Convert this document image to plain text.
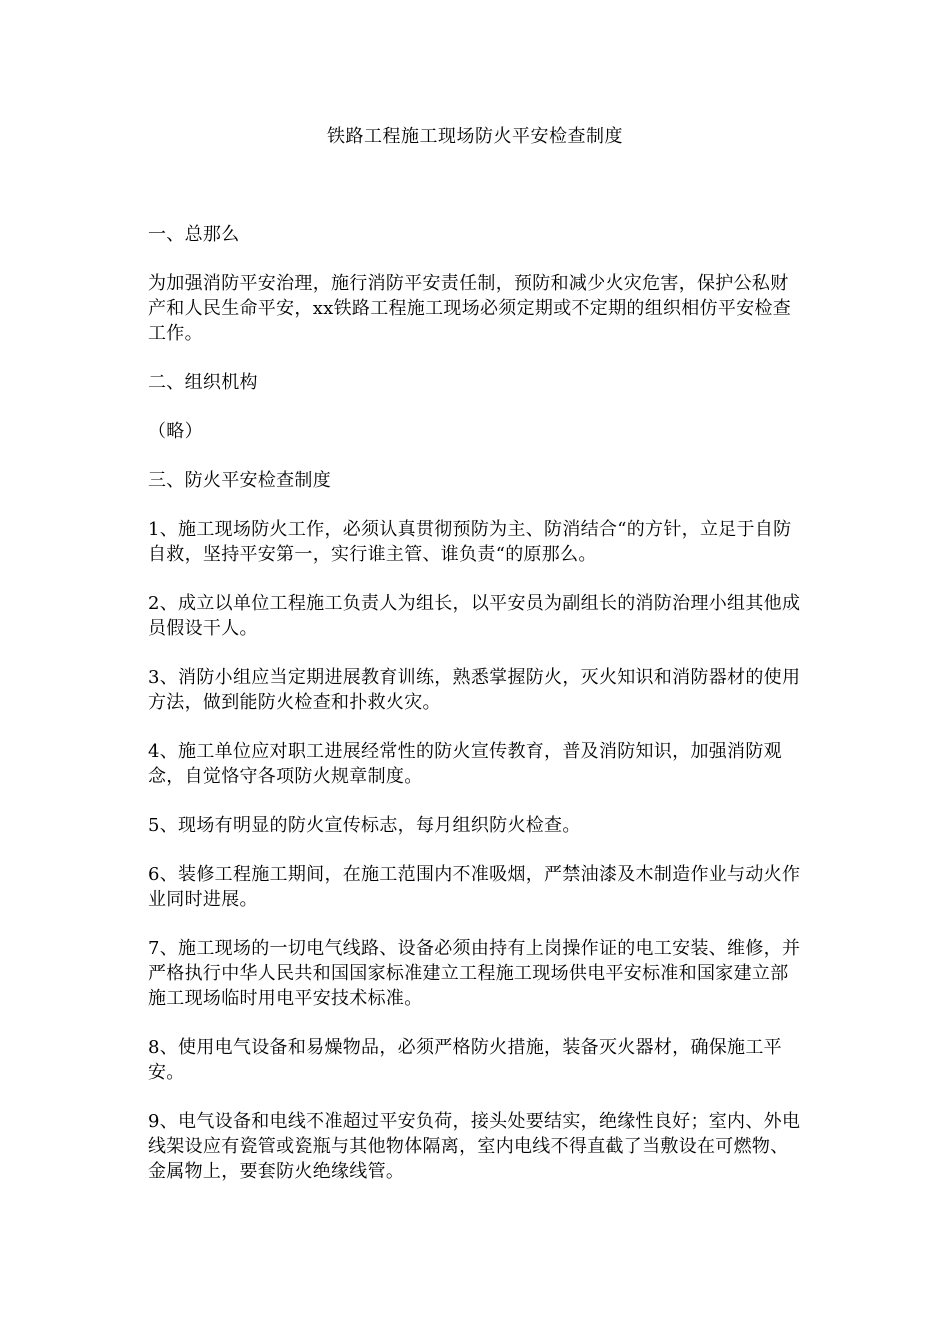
铁路工程施工现场防火平安检查制度
一、总那么
为加强消防平安治理，施行消防平安责任制，预防和减少火灾危害，保护公私财产和人民生命平安，xx铁路工程施工现场必须定期或不定期的组织相仿平安检查工作。
二、组织机构
（略）
三、防火平安检查制度
1、施工现场防火工作，必须认真贯彻预防为主、防消结合“的方针，立足于自防自救，坚持平安第一，实行谁主管、谁负责“的原那么。
2、成立以单位工程施工负责人为组长，以平安员为副组长的消防治理小组其他成员假设干人。
3、消防小组应当定期进展教育训练，熟悉掌握防火，灭火知识和消防器材的使用方法，做到能防火检查和扑救火灾。
4、施工单位应对职工进展经常性的防火宣传教育，普及消防知识，加强消防观念，自觉恪守各项防火规章制度。
5、现场有明显的防火宣传标志，每月组织防火检查。
6、装修工程施工期间，在施工范围内不准吸烟，严禁油漆及木制造作业与动火作业同时进展。
7、施工现场的一切电气线路、设备必须由持有上岗操作证的电工安装、维修，并严格执行中华人民共和国国家标准建立工程施工现场供电平安标准和国家建立部施工现场临时用电平安技术标准。
8、使用电气设备和易燥物品，必须严格防火措施，装备灭火器材，确保施工平安。
9、电气设备和电线不准超过平安负荷，接头处要结实，绝缘性良好；室内、外电线架设应有瓷管或瓷瓶与其他物体隔离，室内电线不得直截了当敷设在可燃物、金属物上，要套防火绝缘线管。
